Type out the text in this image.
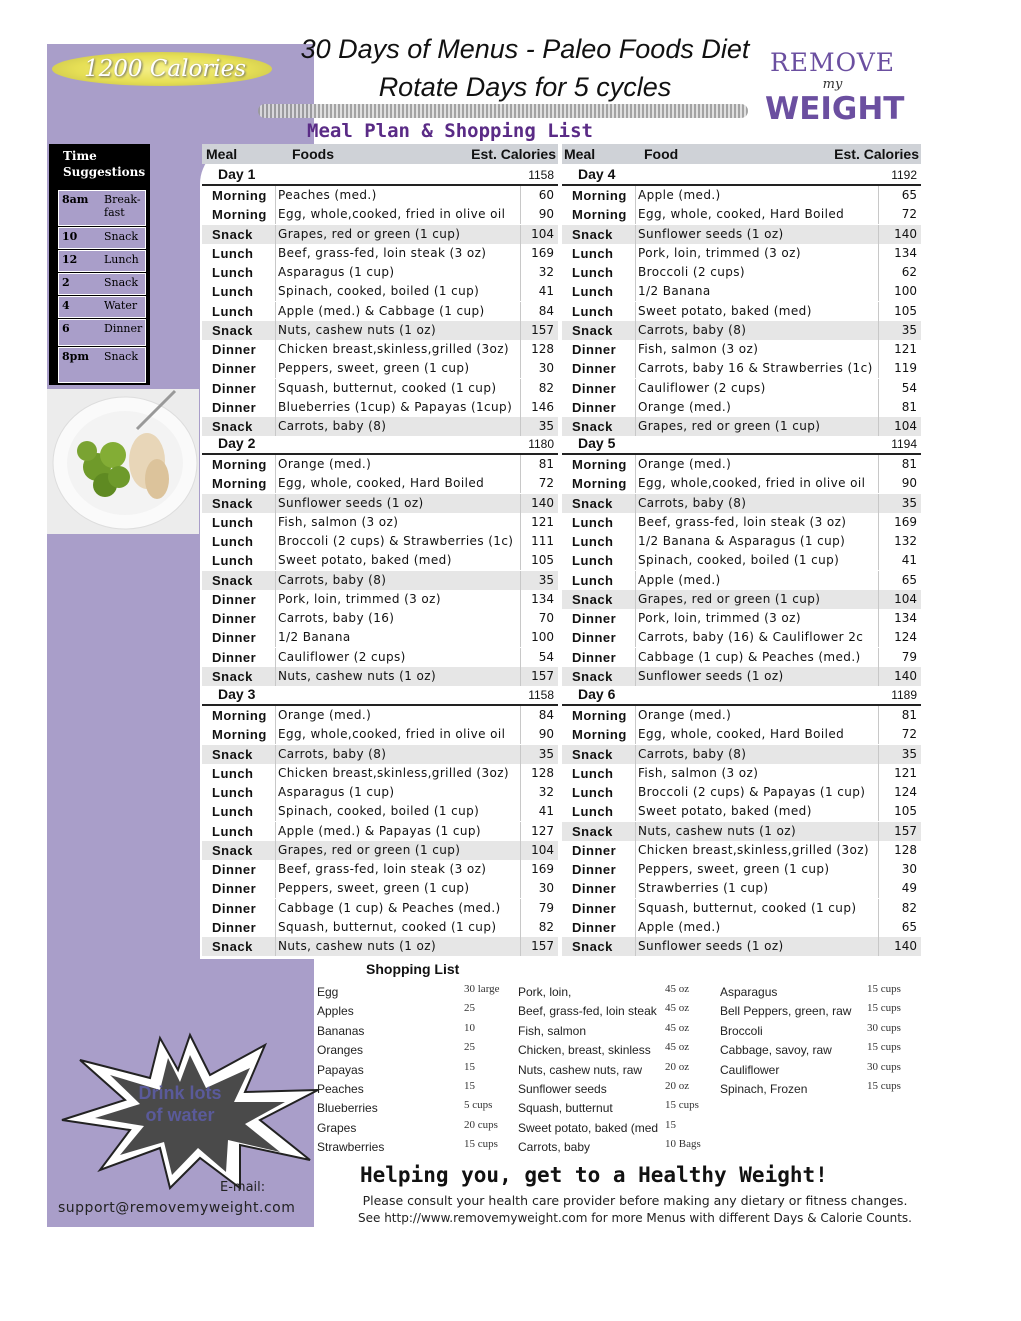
1200 Calories
30 Days of Menus - Paleo Foods Diet
Rotate Days for 5 cycles
REMOVE
my
WEIGHT
Meal Plan & Shopping List
Time Suggestions
8am Break-fast
10 Snack
12 Lunch
2	Snack
4	Water
6	Dinner
8pm Snack
Meal	Foods	Est. Calories Meal	Food	Est. Calories
Day 1	1158
Morning Peaches (med.)	60
Morning Egg, whole,cooked, fried in olive oil	90
Snack Grapes, red or green (1 cup)	104
Lunch Beef, grass-fed, loin steak (3 oz)	169
Lunch Asparagus (1 cup)	32
Lunch Spinach, cooked, boiled (1 cup)	41
Lunch Apple (med.) & Cabbage (1 cup)	84
Snack Nuts, cashew nuts (1 oz)	157
Dinner Chicken breast,skinless,grilled (3oz)	128
Dinner Peppers, sweet, green (1 cup)	30
Dinner Squash, butternut, cooked (1 cup)	82
Dinner Blueberries (1cup) & Papayas (1cup)	146
Snack Carrots, baby (8)	35
Day 2	1180
Morning Orange (med.)	81
Morning Egg, whole, cooked, Hard Boiled	72
Snack Sunflower seeds (1 oz)	140
Lunch Fish, salmon (3 oz)	121
Lunch Broccoli (2 cups) & Strawberries (1c) 111
Lunch Sweet potato, baked (med)	105
Snack Carrots, baby (8)	35
Dinner Pork, loin, trimmed (3 oz)	134
Dinner Carrots, baby (16)	70
Dinner 1/2 Banana	100
Dinner Cauliflower (2 cups)	54
Snack Nuts, cashew nuts (1 oz)	157
Day 3	1158
Morning Orange (med.)	84
Morning Egg, whole,cooked, fried in olive oil	90
Snack Carrots, baby (8)	35
Lunch Chicken breast,skinless,grilled (3oz)	128
Lunch Asparagus (1 cup)	32
Lunch Spinach, cooked, boiled (1 cup)	41
Lunch Apple (med.) & Papayas (1 cup)	127
Snack Grapes, red or green (1 cup)	104
Dinner Beef, grass-fed, loin steak (3 oz)	169
Dinner Peppers, sweet, green (1 cup)	30
Dinner Cabbage (1 cup) & Peaches (med.)	79
Dinner Squash, butternut, cooked (1 cup)	82
Snack Nuts, cashew nuts (1 oz)	157
Day 4	1192
Morning Apple (med.)	65
Morning Egg, whole, cooked, Hard Boiled	72
Snack Sunflower seeds (1 oz)	140
Lunch Pork, loin, trimmed (3 oz)	134
Lunch Broccoli (2 cups)	62
Lunch 1/2 Banana	100
Lunch Sweet potato, baked (med)	105
Snack Carrots, baby (8)	35
Dinner Fish, salmon (3 oz)	121
Dinner Carrots, baby 16 & Strawberries (1c) 119
Dinner Cauliflower (2 cups)	54
Dinner Orange (med.)	81
Snack Grapes, red or green (1 cup)	104
Day 5	1194
Morning Orange (med.)	81
Morning Egg, whole,cooked, fried in olive oil	90
Snack Carrots, baby (8)	35
Lunch Beef, grass-fed, loin steak (3 oz)	169
Lunch 1/2 Banana & Asparagus (1 cup)	132
Lunch Spinach, cooked, boiled (1 cup)	41
Lunch Apple (med.)	65
Snack Grapes, red or green (1 cup)	104
Dinner Pork, loin, trimmed (3 oz)	134
Dinner Carrots, baby (16) & Cauliflower 2c	124
Dinner Cabbage (1 cup) & Peaches (med.)	79
Snack Sunflower seeds (1 oz)	140
Day 6	1189
Morning Orange (med.)	81
Morning Egg, whole, cooked, Hard Boiled	72
Snack Carrots, baby (8)	35
Lunch Fish, salmon (3 oz)	121
Lunch Broccoli (2 cups) & Papayas (1 cup)	124
Lunch Sweet potato, baked (med)	105
Snack Nuts, cashew nuts (1 oz)	157
Dinner Chicken breast,skinless,grilled (3oz)	128
Dinner Peppers, sweet, green (1 cup)	30
Dinner Strawberries (1 cup)	49
Dinner Squash, butternut, cooked (1 cup)	82
Dinner Apple (med.)	65
Snack Sunflower seeds (1 oz)	140
Shopping List
Egg	30 large
Apples	25
Bananas	10
Oranges	25
Papayas	15
Peaches	15
Blueberries	5 cups
Grapes	20 cups
Strawberries	15 cups
Pork, loin,	45 oz
Beef, grass-fed, loin steak 45 oz
Fish, salmon	45 oz
Chicken, breast, skinless 45 oz
Nuts, cashew nuts, raw 20 oz
Sunflower seeds	20 oz
Squash, butternut	15 cups
Sweet potato, baked (med 15
Carrots, baby	10 Bags
Asparagus	15 cups
Bell Peppers, green, raw 15 cups
Broccoli	30 cups
Cabbage, savoy, raw	15 cups
Cauliflower	30 cups
Spinach, Frozen	15 cups
Drink lots
of water
E-mail:
support@removemyweight.com
Helping you, get to a Healthy Weight!
Please consult your health care provider before making any dietary or fitness changes.
See http://www.removemyweight.com for more Menus with different Days & Calorie Counts.
